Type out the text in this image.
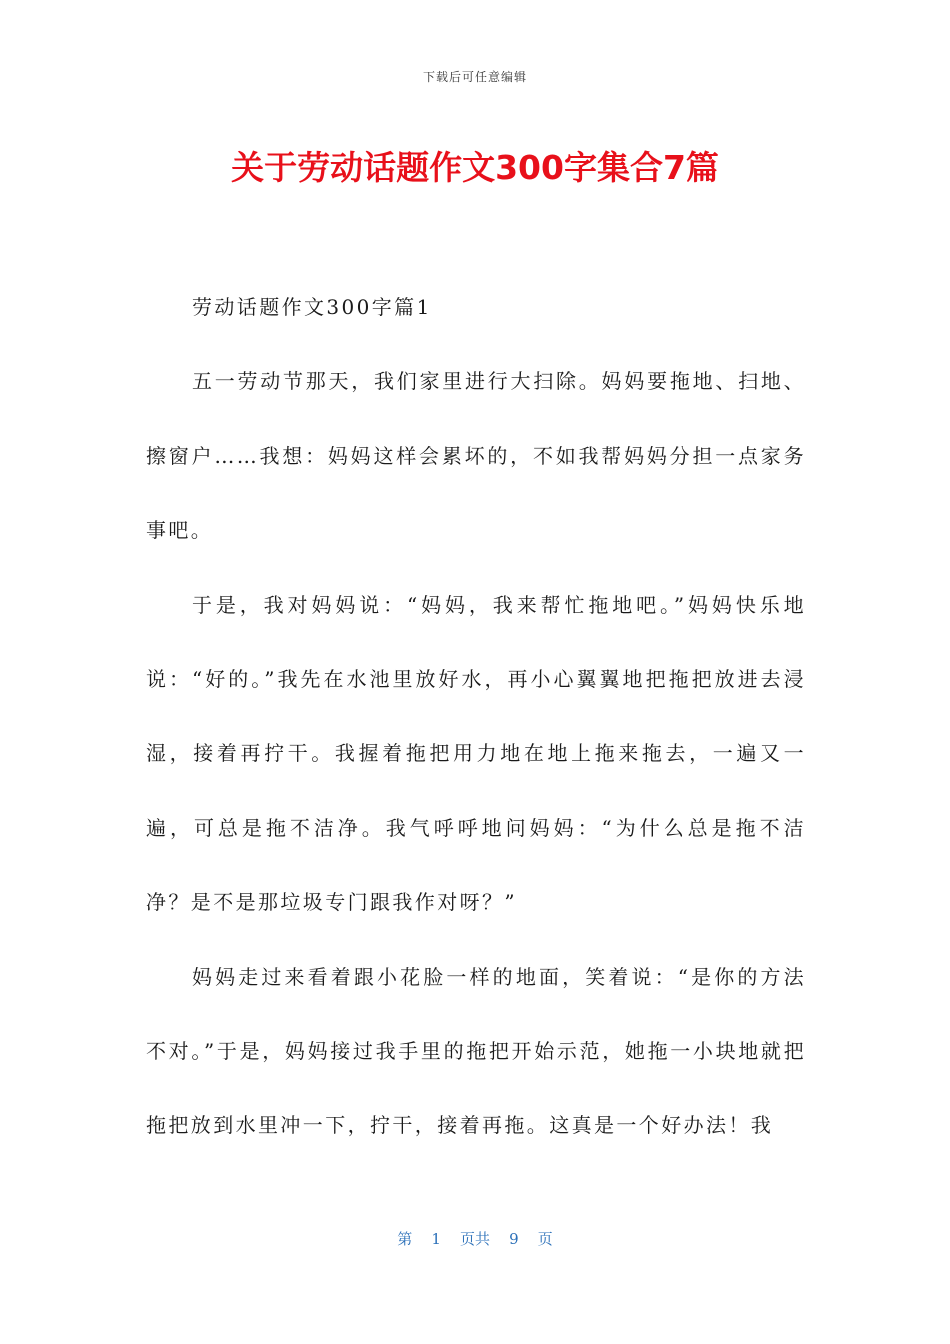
下载后可任意编辑
关于劳动话题作文300字集合7篇

劳动话题作文300字篇1

五一劳动节那天，我们家里进行大扫除。妈妈要拖地、扫地、擦窗户……我想：妈妈这样会累坏的，不如我帮妈妈分担一点家务事吧。

于是，我对妈妈说：“妈妈，我来帮忙拖地吧。”妈妈快乐地说：“好的。”我先在水池里放好水，再小心翼翼地把拖把放进去浸湿，接着再拧干。我握着拖把用力地在地上拖来拖去，一遍又一遍，可总是拖不洁净。我气呼呼地问妈妈：“为什么总是拖不洁净？是不是那垃圾专门跟我作对呀？”

妈妈走过来看着跟小花脸一样的地面，笑着说：“是你的方法不对。”于是，妈妈接过我手里的拖把开始示范，她拖一小块地就把拖把放到水里冲一下，拧干，接着再拖。这真是一个好办法！我

第 1 页共 9 页
